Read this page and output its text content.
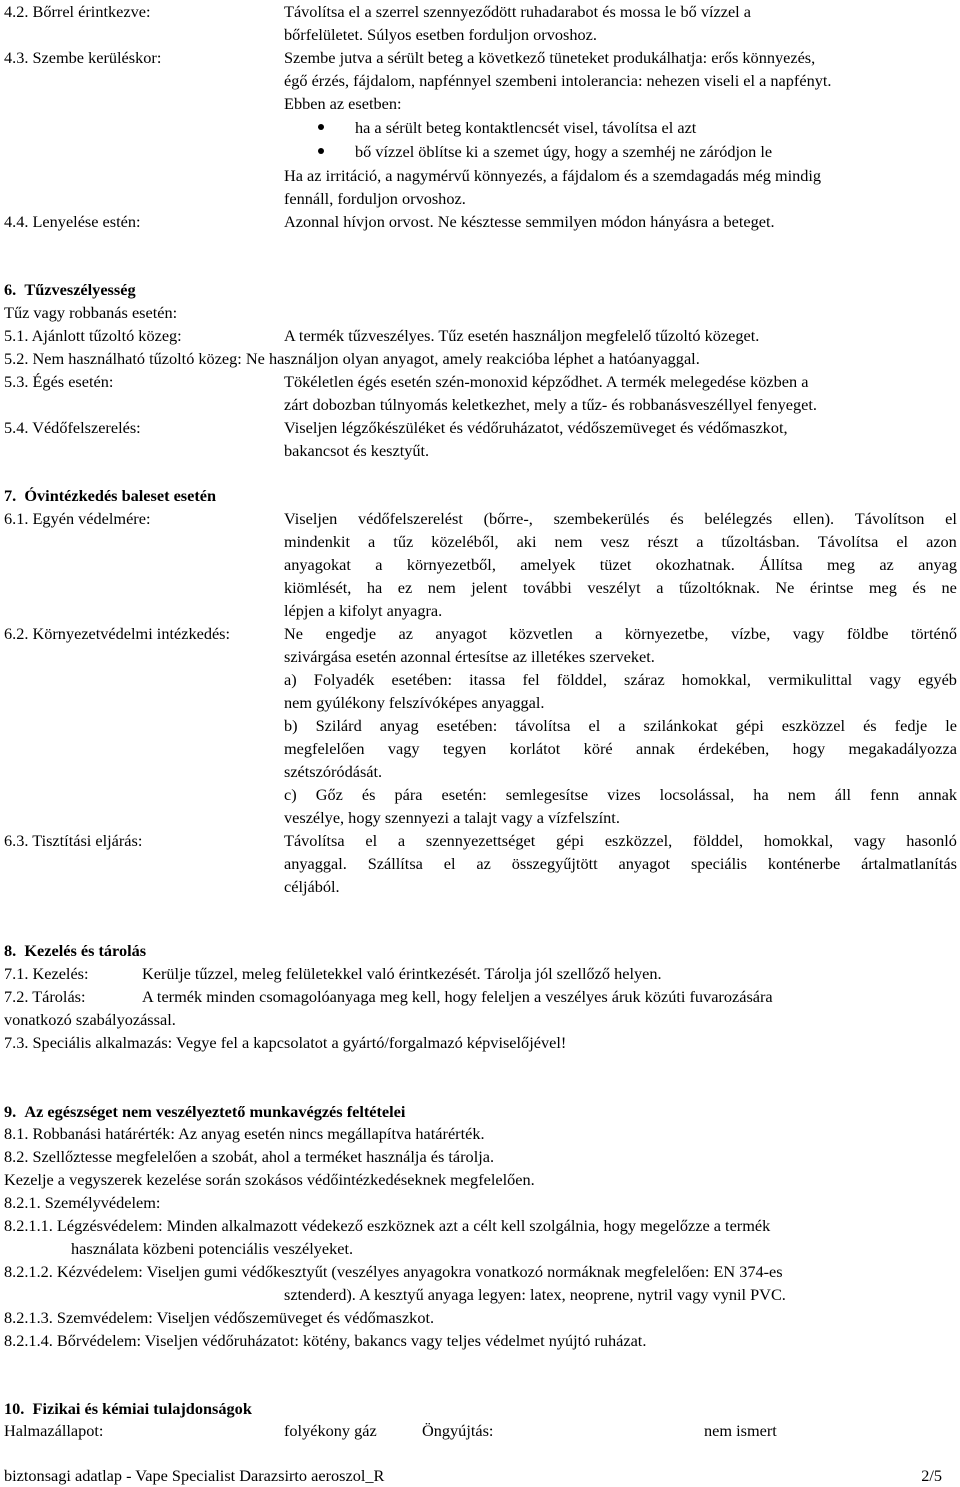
4.2. Bőrrel érintkezve:	Távolítsa el a szerrel szennyeződött ruhadarabot és mossa le bő vízzel a
bőrfelületet. Súlyos esetben forduljon orvoshoz.
4.3. Szembe kerüléskor:	Szembe jutva a sérült beteg a következő tüneteket produkálhatja: erős könnyezés,
égő érzés, fájdalom, napfénnyel szembeni intolerancia: nehezen viseli el a napfényt.
Ebben az esetben:
ha a sérült beteg kontaktlencsét visel, távolítsa el azt
bő vízzel öblítse ki a szemet úgy, hogy a szemhéj ne záródjon le
Ha az irritáció, a nagymérvű könnyezés, a fájdalom és a szemdagadás még mindig
fennáll, forduljon orvoshoz.
4.4. Lenyelése estén:	Azonnal hívjon orvost. Ne késztesse semmilyen módon hányásra a beteget.
6. Tűzveszélyesség
Tűz vagy robbanás esetén:
5.1. Ajánlott tűzoltó közeg:	A termék tűzveszélyes. Tűz esetén használjon megfelelő tűzoltó közeget.
5.2. Nem használható tűzoltó közeg: Ne használjon olyan anyagot, amely reakcióba léphet a hatóanyaggal.
5.3. Égés esetén:	Tökéletlen égés esetén szén-monoxid képződhet. A termék melegedése közben a
zárt dobozban túlnyomás keletkezhet, mely a tűz- és robbanásveszéllyel fenyeget.
5.4. Védőfelszerelés:	Viseljen légzőkészüléket és védőruházatot, védőszemüveget és védőmaszkot,
bakancsot és kesztyűt.
7. Óvintézkedés baleset esetén
6.1. Egyén védelmére:	Viseljen védőfelszerelést (bőrre-, szembekerülés és belélegzés ellen). Távolítson el
mindenkit a tűz közeléből, aki nem vesz részt a tűzoltásban. Távolítsa el azon
anyagokat a környezetből, amelyek tüzet okozhatnak. Állítsa meg az anyag
kiömlését, ha ez nem jelent további veszélyt a tűzoltóknak. Ne érintse meg és ne
lépjen a kifolyt anyagra.
6.2. Környezetvédelmi intézkedés:	Ne engedje az anyagot közvetlen a környezetbe, vízbe, vagy földbe történő
szivárgása esetén azonnal értesítse az illetékes szerveket.
a) Folyadék esetében: itassa fel földdel, száraz homokkal, vermikulittal vagy egyéb
nem gyúlékony felszívóképes anyaggal.
b) Szilárd anyag esetében: távolítsa el a szilánkokat gépi eszközzel és fedje le
megfelelően vagy tegyen korlátot köré annak érdekében, hogy megakadályozza
szétszóródását.
c) Gőz és pára esetén: semlegesítse vizes locsolással, ha nem áll fenn annak
veszélye, hogy szennyezi a talajt vagy a vízfelszínt.
6.3. Tisztítási eljárás:	Távolítsa el a szennyezettséget gépi eszközzel, földdel, homokkal, vagy hasonló
anyaggal. Szállítsa el az összegyűjtött anyagot speciális konténerbe ártalmatlanítás
céljából.
8. Kezelés és tárolás
7.1. Kezelés:	Kerülje tűzzel, meleg felületekkel való érintkezését. Tárolja jól szellőző helyen.
7.2. Tárolás:	A termék minden csomagolóanyaga meg kell, hogy feleljen a veszélyes áruk közúti fuvarozására
vonatkozó szabályozással.
7.3. Speciális alkalmazás: Vegye fel a kapcsolatot a gyártó/forgalmazó képviselőjével!
9. Az egészséget nem veszélyeztető munkavégzés feltételei
8.1. Robbanási határérték: Az anyag esetén nincs megállapítva határérték.
8.2. Szellőztesse megfelelően a szobát, ahol a terméket használja és tárolja.
Kezelje a vegyszerek kezelése során szokásos védőintézkedéseknek megfelelően.
8.2.1. Személyvédelem:
8.2.1.1. Légzésvédelem: Minden alkalmazott védekező eszköznek azt a célt kell szolgálnia, hogy megelőzze a termék
használata közbeni potenciális veszélyeket.
8.2.1.2. Kézvédelem: Viseljen gumi védőkesztyűt (veszélyes anyagokra vonatkozó normáknak megfelelően: EN 374-es
sztenderd). A kesztyű anyaga legyen: latex, neoprene, nytril vagy vynil PVC.
8.2.1.3. Szemvédelem: Viseljen védőszemüveget és védőmaszkot.
8.2.1.4. Bőrvédelem: Viseljen védőruházatot: kötény, bakancs vagy teljes védelmet nyújtó ruházat.
10. Fizikai és kémiai tulajdonságok
Halmazállapot:	folyékony gáz	Öngyújtás:	nem ismert
biztonsagi adatlap - Vape Specialist Darazsirto aeroszol_R	2/5
